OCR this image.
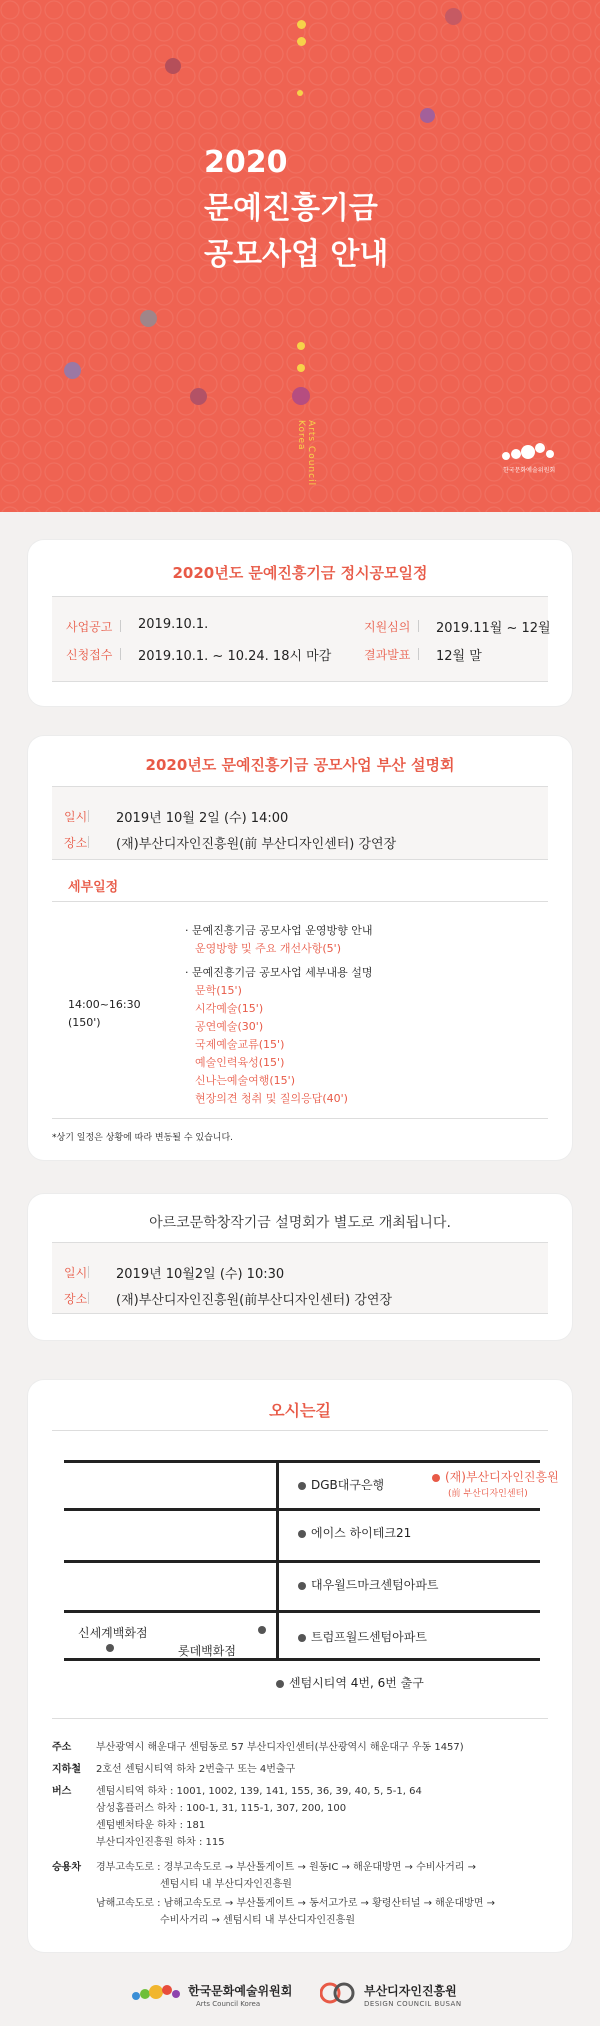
2020
문예진흥기금
공모사업 안내
Arts Council Korea
한국문화예술위원회
2020년도 문예진흥기금 정시공모일정
사업공고 2019.10.1.
신청접수 2019.10.1. ~ 10.24. 18시 마감
지원심의 2019.11월 ~ 12월
결과발표 12월 말
2020년도 문예진흥기금 공모사업 부산 설명회
일시 2019년 10월 2일 (수) 14:00
장소 (재)부산디자인진흥원(前 부산디자인센터) 강연장
세부일정
14:00~16:30
(150')
· 문예진흥기금 공모사업 운영방향 안내
운영방향 및 주요 개선사항(5')
· 문예진흥기금 공모사업 세부내용 설명
문학(15')
시각예술(15')
공연예술(30')
국제예술교류(15')
예술인력육성(15')
신나는예술여행(15')
현장의견 청취 및 질의응답(40')
*상기 일정은 상황에 따라 변동될 수 있습니다.
아르코문학창작기금 설명회가 별도로 개최됩니다.
일시 2019년 10월2일 (수) 10:30
장소 (재)부산디자인진흥원(前부산디자인센터) 강연장
오시는길
DGB대구은행
(재)부산디자인진흥원
(前 부산디자인센터)
에이스 하이테크21
대우월드마크센텀아파트
신세계백화점
롯데백화점
트럼프월드센텀아파트
센텀시티역 4번, 6번 출구
주소 부산광역시 해운대구 센텀동로 57 부산디자인센터(부산광역시 해운대구 우동 1457)
지하철 2호선 센텀시티역 하차 2번출구 또는 4번출구
버스 센텀시티역 하차 : 1001, 1002, 139, 141, 155, 36, 39, 40, 5, 5-1, 64
삼성홈플러스 하차 : 100-1, 31, 115-1, 307, 200, 100
센텀벤처타운 하차 : 181
부산디자인진흥원 하차 : 115
승용차 경부고속도로 : 경부고속도로 → 부산톨게이트 → 원동IC → 해운대방면 → 수비사거리 →
센텀시티 내 부산디자인진흥원
남해고속도로 : 남해고속도로 → 부산톨게이트 → 동서고가로 → 황령산터널 → 해운대방면 →
수비사거리 → 센텀시티 내 부산디자인진흥원
한국문화예술위원회
Arts Council Korea
부산디자인진흥원
DESIGN COUNCIL BUSAN
